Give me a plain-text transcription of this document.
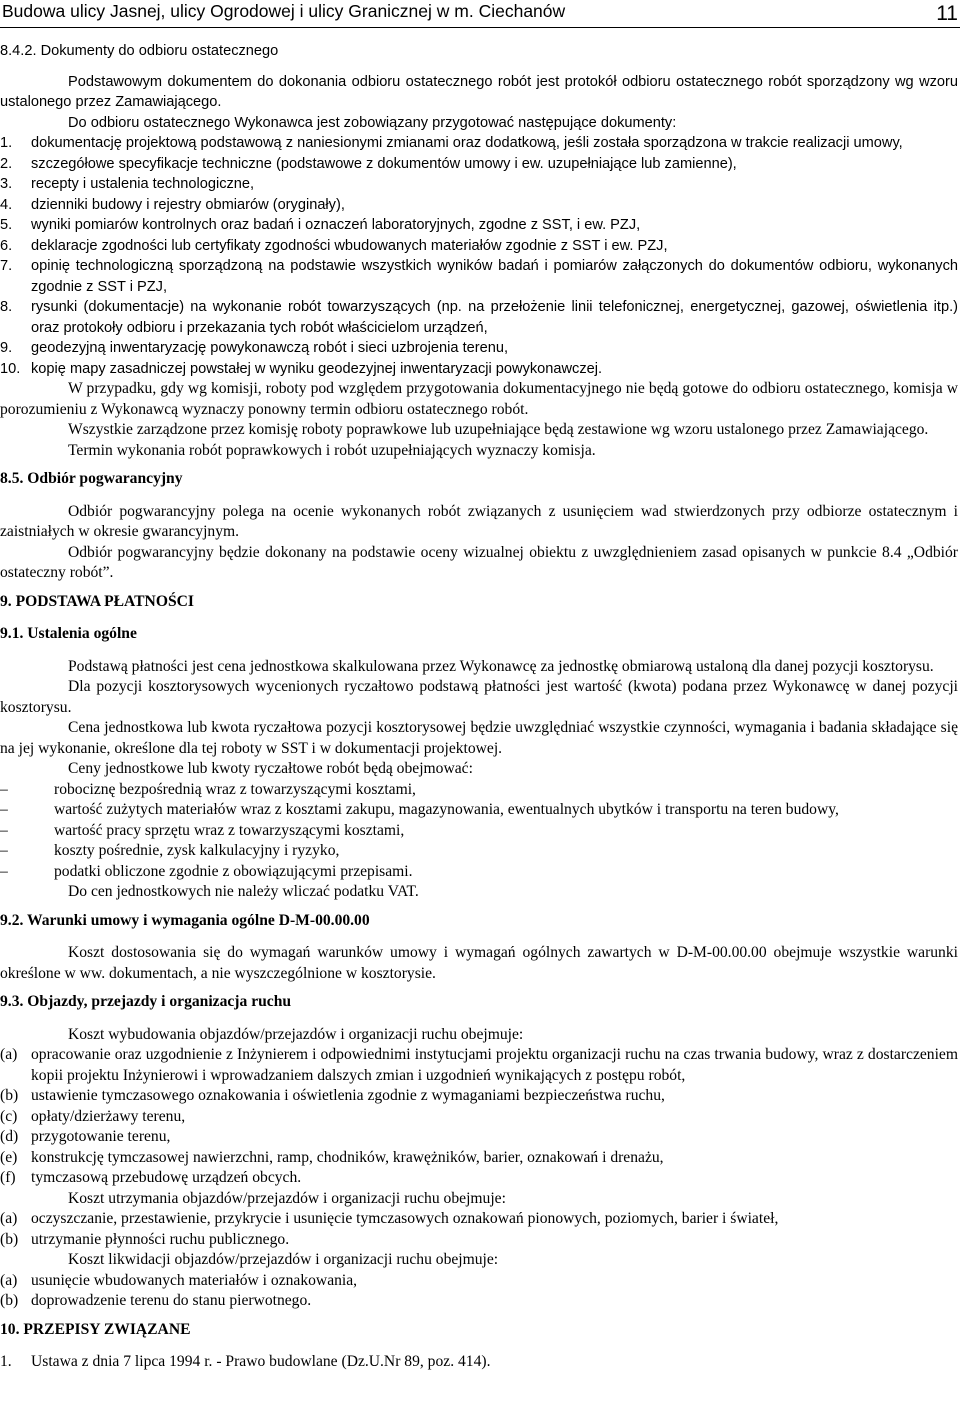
Budowa ulicy Jasnej, ulicy Ogrodowej i ulicy Granicznej w m. Ciechanów	11

8.4.2. Dokumenty do odbioru ostatecznego

Podstawowym dokumentem do dokonania odbioru ostatecznego robót jest protokół odbioru ostatecznego robót sporządzony wg wzoru ustalonego przez Zamawiającego.

Do odbioru ostatecznego Wykonawca jest zobowiązany przygotować następujące dokumenty:

1.	dokumentację projektową podstawową z naniesionymi zmianami oraz dodatkową, jeśli została sporządzona w trakcie realizacji umowy,
2.	szczegółowe specyfikacje techniczne (podstawowe z dokumentów umowy i ew. uzupełniające lub zamienne),
3.	recepty i ustalenia technologiczne,
4.	dzienniki budowy i rejestry obmiarów (oryginały),
5.	wyniki pomiarów kontrolnych oraz badań i oznaczeń laboratoryjnych, zgodne z SST, i ew. PZJ,
6.	deklaracje zgodności lub certyfikaty zgodności wbudowanych materiałów zgodnie z SST i ew. PZJ,
7.	opinię technologiczną sporządzoną na podstawie wszystkich wyników badań i pomiarów załączonych do dokumentów odbioru, wykonanych zgodnie z SST i PZJ,
8.	rysunki (dokumentacje) na wykonanie robót towarzyszących (np. na przełożenie linii telefonicznej, energetycznej, gazowej, oświetlenia itp.) oraz protokoły odbioru i przekazania tych robót właścicielom urządzeń,
9.	geodezyjną inwentaryzację powykonawczą robót i sieci uzbrojenia terenu,
10. kopię mapy zasadniczej powstałej w wyniku geodezyjnej inwentaryzacji powykonawczej.

W przypadku, gdy wg komisji, roboty pod względem przygotowania dokumentacyjnego nie będą gotowe do odbioru ostatecznego, komisja w porozumieniu z Wykonawcą wyznaczy ponowny termin odbioru ostatecznego robót.

Wszystkie zarządzone przez komisję roboty poprawkowe lub uzupełniające będą zestawione wg wzoru ustalonego przez Zamawiającego.

Termin wykonania robót poprawkowych i robót uzupełniających wyznaczy komisja.

8.5. Odbiór pogwarancyjny

Odbiór pogwarancyjny polega na ocenie wykonanych robót związanych z usunięciem wad stwierdzonych przy odbiorze ostatecznym i zaistniałych w okresie gwarancyjnym.

Odbiór pogwarancyjny będzie dokonany na podstawie oceny wizualnej obiektu z uwzględnieniem zasad opisanych w punkcie 8.4 „Odbiór ostateczny robót”.

9. PODSTAWA PŁATNOŚCI

9.1. Ustalenia ogólne

Podstawą płatności jest cena jednostkowa skalkulowana przez Wykonawcę za jednostkę obmiarową ustaloną dla danej pozycji kosztorysu.

Dla pozycji kosztorysowych wycenionych ryczałtowo podstawą płatności jest wartość (kwota) podana przez Wykonawcę w danej pozycji kosztorysu.

Cena jednostkowa lub kwota ryczałtowa pozycji kosztorysowej będzie uwzględniać wszystkie czynności, wymagania i badania składające się na jej wykonanie, określone dla tej roboty w SST i w dokumentacji projektowej.

Ceny jednostkowe lub kwoty ryczałtowe robót będą obejmować:

–	robociznę bezpośrednią wraz z towarzyszącymi kosztami,
–	wartość zużytych materiałów wraz z kosztami zakupu, magazynowania, ewentualnych ubytków i transportu na teren budowy,
–	wartość pracy sprzętu wraz z towarzyszącymi kosztami,
–	koszty pośrednie, zysk kalkulacyjny i ryzyko,
–	podatki obliczone zgodnie z obowiązującymi przepisami.

Do cen jednostkowych nie należy wliczać podatku VAT.

9.2. Warunki umowy i wymagania ogólne D-M-00.00.00

Koszt dostosowania się do wymagań warunków umowy i wymagań ogólnych zawartych w D-M-00.00.00 obejmuje wszystkie warunki określone w ww. dokumentach, a nie wyszczególnione w kosztorysie.

9.3. Objazdy, przejazdy i organizacja ruchu

Koszt wybudowania objazdów/przejazdów i organizacji ruchu obejmuje:

(a) opracowanie oraz uzgodnienie z Inżynierem i odpowiednimi instytucjami projektu organizacji ruchu na czas trwania budowy, wraz z dostarczeniem kopii projektu Inżynierowi i wprowadzaniem dalszych zmian i uzgodnień wynikających z postępu robót,
(b) ustawienie tymczasowego oznakowania i oświetlenia zgodnie z wymaganiami bezpieczeństwa ruchu,
(c) opłaty/dzierżawy terenu,
(d) przygotowanie terenu,
(e) konstrukcję tymczasowej nawierzchni, ramp, chodników, krawężników, barier, oznakowań i drenażu,
(f) tymczasową przebudowę urządzeń obcych.

Koszt utrzymania objazdów/przejazdów i organizacji ruchu obejmuje:

(a) oczyszczanie, przestawienie, przykrycie i usunięcie tymczasowych oznakowań pionowych, poziomych, barier i świateł,
(b) utrzymanie płynności ruchu publicznego.

Koszt likwidacji objazdów/przejazdów i organizacji ruchu obejmuje:

(a) usunięcie wbudowanych materiałów i oznakowania,
(b) doprowadzenie terenu do stanu pierwotnego.

10. PRZEPISY ZWIĄZANE

1.	Ustawa z dnia 7 lipca 1994 r. - Prawo budowlane (Dz.U.Nr 89, poz. 414).
